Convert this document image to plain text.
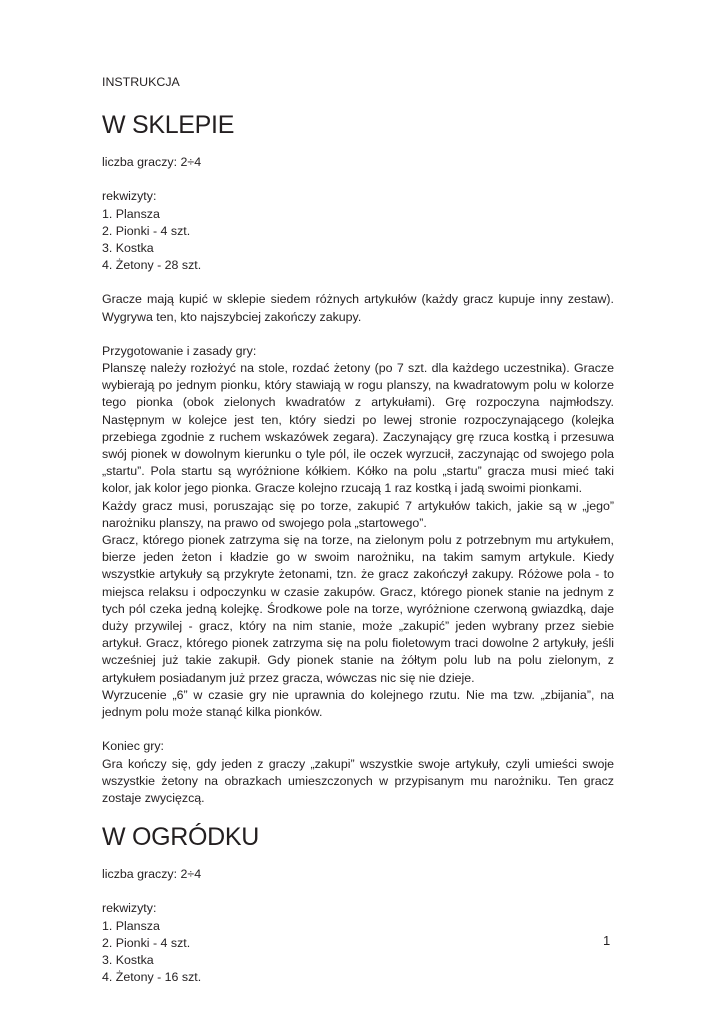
INSTRUKCJA

W SKLEPIE

liczba graczy: 2÷4

rekwizyty:

1. Plansza
2. Pionki - 4 szt.
3. Kostka
4. Żetony - 28 szt.

Gracze mają kupić w sklepie siedem różnych artykułów (każdy gracz kupuje inny zestaw). Wygrywa ten, kto najszybciej zakończy zakupy.

Przygotowanie i zasady gry:

Planszę należy rozłożyć na stole, rozdać żetony (po 7 szt. dla każdego uczestnika). Gracze wybierają po jednym pionku, który stawiają w rogu planszy, na kwadratowym polu w kolorze tego pionka (obok zielonych kwadratów z artykułami). Grę rozpoczyna najmłodszy. Następnym w kolejce jest ten, który siedzi po lewej stronie rozpoczynającego (kolejka przebiega zgodnie z ruchem wskazówek zegara). Zaczynający grę rzuca kostką i przesuwa swój pionek w dowolnym kierunku o tyle pól, ile oczek wyrzucił, zaczynając od swojego pola „startu”. Pola startu są wyróżnione kółkiem. Kółko na polu „startu” gracza musi mieć taki kolor, jak kolor jego pionka. Gracze kolejno rzucają 1 raz kostką i jadą swoimi pionkami.

Każdy gracz musi, poruszając się po torze, zakupić 7 artykułów takich, jakie są w „jego” narożniku planszy, na prawo od swojego pola „startowego”.

Gracz, którego pionek zatrzyma się na torze, na zielonym polu z potrzebnym mu artykułem, bierze jeden żeton i kładzie go w swoim narożniku, na takim samym artykule. Kiedy wszystkie artykuły są przykryte żetonami, tzn. że gracz zakończył zakupy. Różowe pola - to miejsca relaksu i odpoczynku w czasie zakupów. Gracz, którego pionek stanie na jednym z tych pól czeka jedną kolejkę. Środkowe pole na torze, wyróżnione czerwoną gwiazdką, daje duży przywilej - gracz, który na nim stanie, może „zakupić” jeden wybrany przez siebie artykuł. Gracz, którego pionek zatrzyma się na polu fioletowym traci dowolne 2 artykuły, jeśli wcześniej już takie zakupił. Gdy pionek stanie na żółtym polu lub na polu zielonym, z artykułem posiadanym już przez gracza, wówczas nic się nie dzieje.

Wyrzucenie „6” w czasie gry nie uprawnia do kolejnego rzutu. Nie ma tzw. „zbijania”, na jednym polu może stanąć kilka pionków.

Koniec gry:

Gra kończy się, gdy jeden z graczy „zakupi” wszystkie swoje artykuły, czyli umieści swoje wszystkie żetony na obrazkach umieszczonych w przypisanym mu narożniku. Ten gracz zostaje zwycięzcą.

W OGRÓDKU

liczba graczy: 2÷4

rekwizyty:

1. Plansza
2. Pionki - 4 szt.
3. Kostka
4. Żetony - 16 szt.
1
